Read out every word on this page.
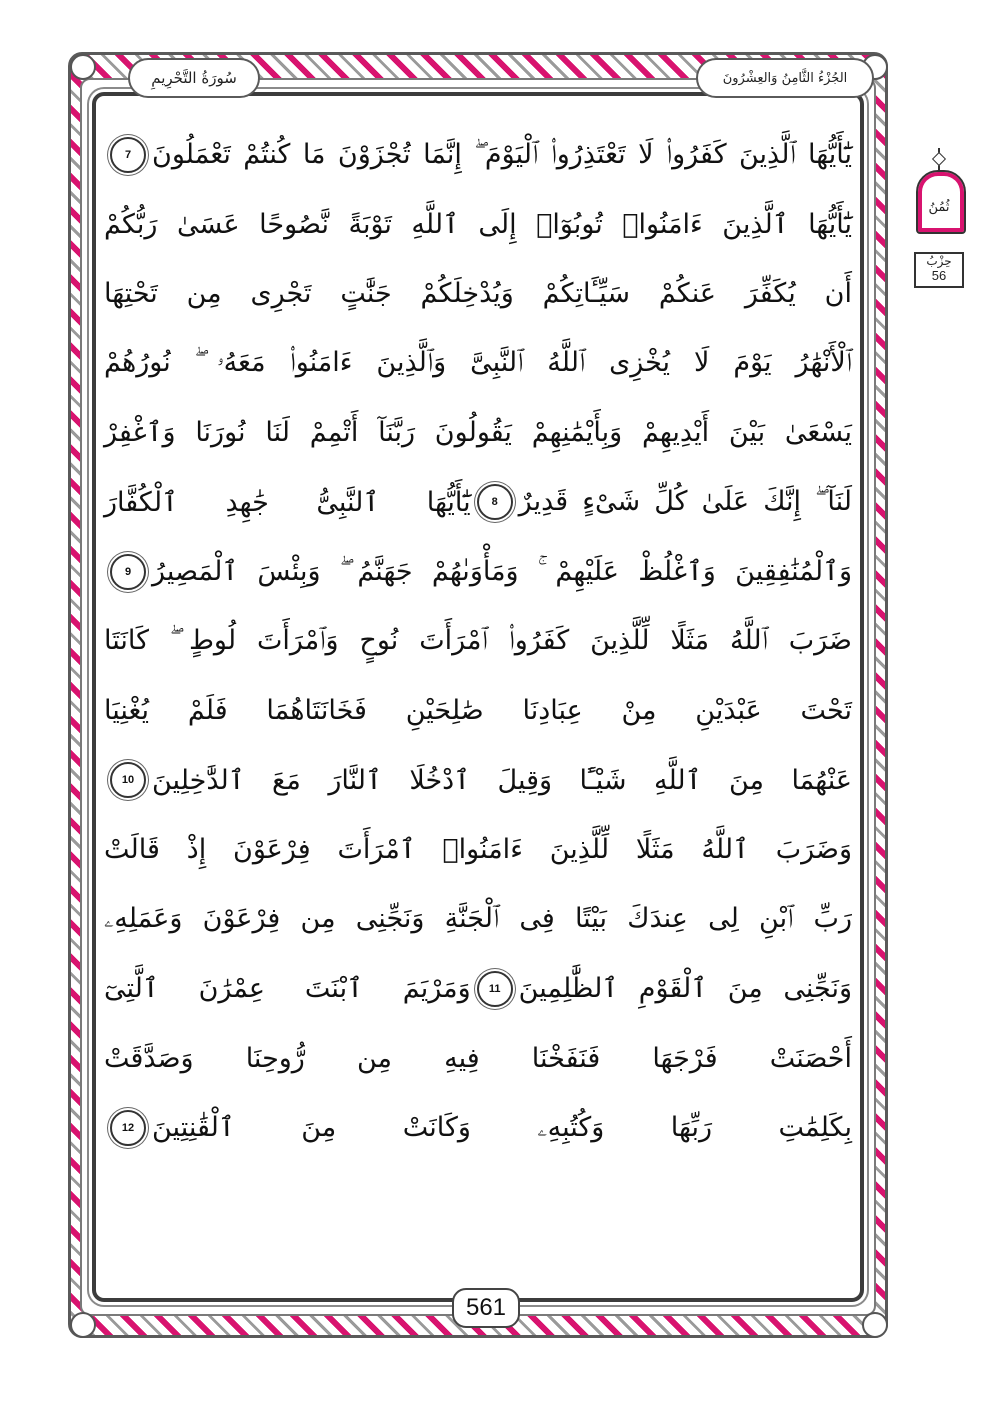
الجُزْءُ الثَّامِنُ وَالعِشْرُونَ
سُورَةُ التَّحْرِيمِ
ثُمُنُ
حِزْبُ
56
يَٰٓأَيُّهَا ٱلَّذِينَ كَفَرُوا۟ لَا تَعْتَذِرُوا۟ ٱلْيَوْمَ ۖ إِنَّمَا تُجْزَوْنَ مَا كُنتُمْ تَعْمَلُونَ
7
يَٰٓأَيُّهَا ٱلَّذِينَ ءَامَنُوا۟ تُوبُوٓا۟ إِلَى ٱللَّهِ تَوْبَةً نَّصُوحًا عَسَىٰ رَبُّكُمْ
أَن يُكَفِّرَ عَنكُمْ سَيِّـَٔاتِكُمْ وَيُدْخِلَكُمْ جَنَّٰتٍ تَجْرِى مِن تَحْتِهَا
ٱلْأَنْهَٰرُ يَوْمَ لَا يُخْزِى ٱللَّهُ ٱلنَّبِىَّ وَٱلَّذِينَ ءَامَنُوا۟ مَعَهُۥ ۖ نُورُهُمْ
يَسْعَىٰ بَيْنَ أَيْدِيهِمْ وَبِأَيْمَٰنِهِمْ يَقُولُونَ رَبَّنَآ أَتْمِمْ لَنَا نُورَنَا وَٱغْفِرْ
لَنَآ ۖ إِنَّكَ عَلَىٰ كُلِّ شَىْءٍ قَدِيرٌ
8
يَٰٓأَيُّهَا ٱلنَّبِىُّ جَٰهِدِ ٱلْكُفَّارَ
وَٱلْمُنَٰفِقِينَ وَٱغْلُظْ عَلَيْهِمْ ۚ وَمَأْوَىٰهُمْ جَهَنَّمُ ۖ وَبِئْسَ ٱلْمَصِيرُ
9
ضَرَبَ ٱللَّهُ مَثَلًا لِّلَّذِينَ كَفَرُوا۟ ٱمْرَأَتَ نُوحٍ وَٱمْرَأَتَ لُوطٍ ۖ كَانَتَا
تَحْتَ عَبْدَيْنِ مِنْ عِبَادِنَا صَٰلِحَيْنِ فَخَانَتَاهُمَا فَلَمْ يُغْنِيَا
عَنْهُمَا مِنَ ٱللَّهِ شَيْـًٔا وَقِيلَ ٱدْخُلَا ٱلنَّارَ مَعَ ٱلدَّٰخِلِينَ
10
وَضَرَبَ ٱللَّهُ مَثَلًا لِّلَّذِينَ ءَامَنُوا۟ ٱمْرَأَتَ فِرْعَوْنَ إِذْ قَالَتْ
رَبِّ ٱبْنِ لِى عِندَكَ بَيْتًا فِى ٱلْجَنَّةِ وَنَجِّنِى مِن فِرْعَوْنَ وَعَمَلِهِۦ
وَنَجِّنِى مِنَ ٱلْقَوْمِ ٱلظَّٰلِمِينَ
11
وَمَرْيَمَ ٱبْنَتَ عِمْرَٰنَ ٱلَّتِىٓ
أَحْصَنَتْ فَرْجَهَا فَنَفَخْنَا فِيهِ مِن رُّوحِنَا وَصَدَّقَتْ
بِكَلِمَٰتِ رَبِّهَا وَكُتُبِهِۦ وَكَانَتْ مِنَ ٱلْقَٰنِتِينَ
12
561
